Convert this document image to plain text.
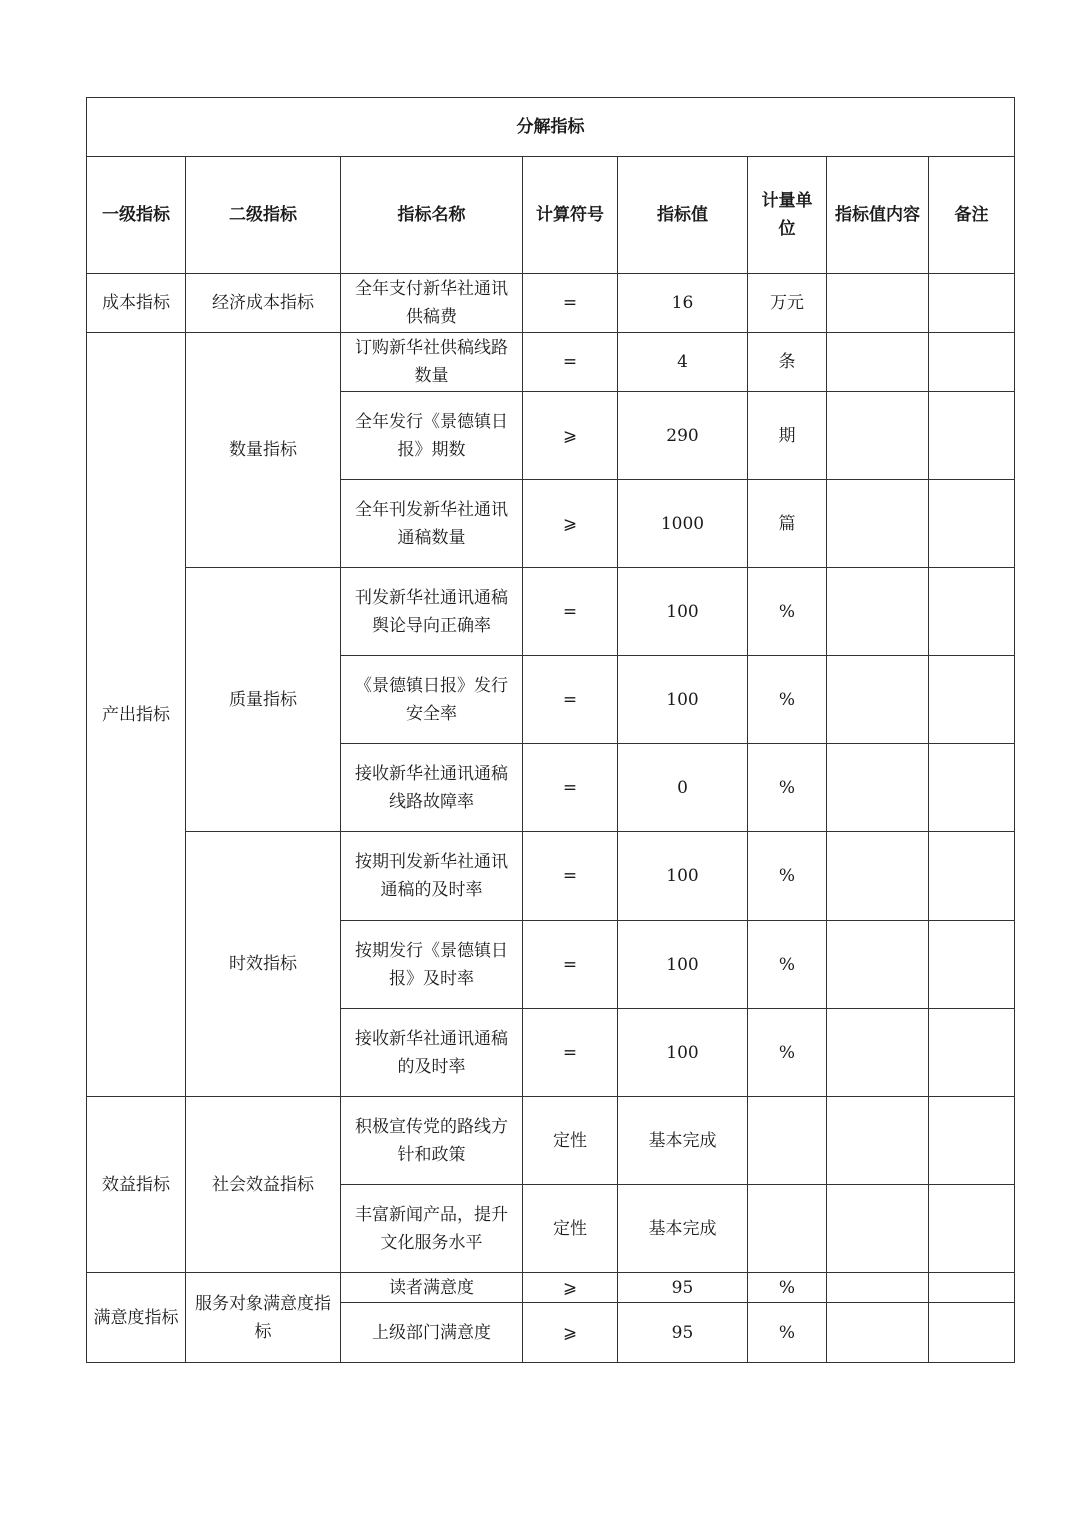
分解指标							
一级指标	二级指标	指标名称	计算符号	指标值	计量单位	指标值内容	备注
成本指标	经济成本指标	全年支付新华社通讯供稿费	=	16	万元		
产出指标	数量指标	订购新华社供稿线路数量	=	4	条		
		全年发行《景德镇日报》期数	⩾	290	期		
		全年刊发新华社通讯通稿数量	⩾	1000	篇		
	质量指标	刊发新华社通讯通稿舆论导向正确率	=	100	%		
		《景德镇日报》发行安全率	=	100	%		
		接收新华社通讯通稿线路故障率	=	0	%		
	时效指标	按期刊发新华社通讯通稿的及时率	=	100	%		
		按期发行《景德镇日报》及时率	=	100	%		
		接收新华社通讯通稿的及时率	=	100	%		
效益指标	社会效益指标	积极宣传党的路线方针和政策	定性	基本完成			
		丰富新闻产品，提升文化服务水平	定性	基本完成			
满意度指标	服务对象满意度指标	读者满意度	⩾	95	%		
		上级部门满意度	⩾	95	%		
